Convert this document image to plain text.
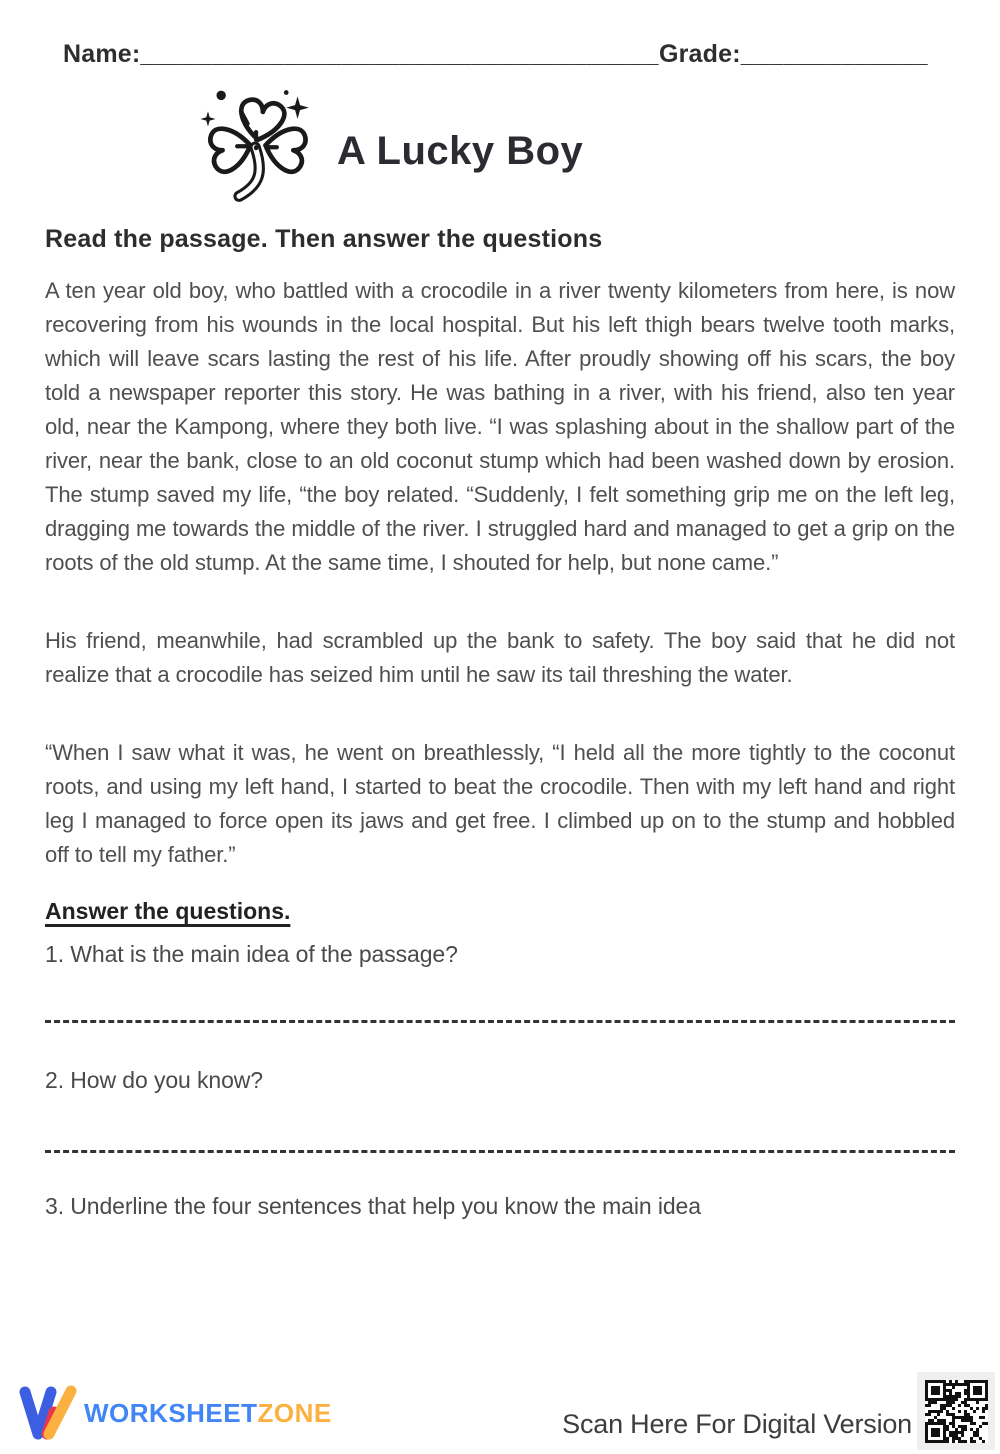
Name:____________________________________ Grade:_____________
A Lucky Boy
Read the passage. Then answer the questions

A ten year old boy, who battled with a crocodile in a river twenty kilometers from here, is now recovering from his wounds in the local hospital. But his left thigh bears twelve tooth marks, which will leave scars lasting the rest of his life. After proudly showing off his scars, the boy told a newspaper reporter this story. He was bathing in a river, with his friend, also ten year old, near the Kampong, where they both live. “I was splashing about in the shallow part of the river, near the bank, close to an old coconut stump which had been washed down by erosion. The stump saved my life, “the boy related. “Suddenly, I felt something grip me on the left leg, dragging me towards the middle of the river. I struggled hard and managed to get a grip on the roots of the old stump. At the same time, I shouted for help, but none came.”

His friend, meanwhile, had scrambled up the bank to safety. The boy said that he did not realize that a crocodile has seized him until he saw its tail threshing the water.

“When I saw what it was, he went on breathlessly, “I held all the more tightly to the coconut roots, and using my left hand, I started to beat the crocodile. Then with my left hand and right leg I managed to force open its jaws and get free. I climbed up on to the stump and hobbled off to tell my father.”

Answer the questions.
1. What is the main idea of the passage?
2. How do you know?
3. Underline the four sentences that help you know the main idea
WORKSHEETZONE	Scan Here For Digital Version
